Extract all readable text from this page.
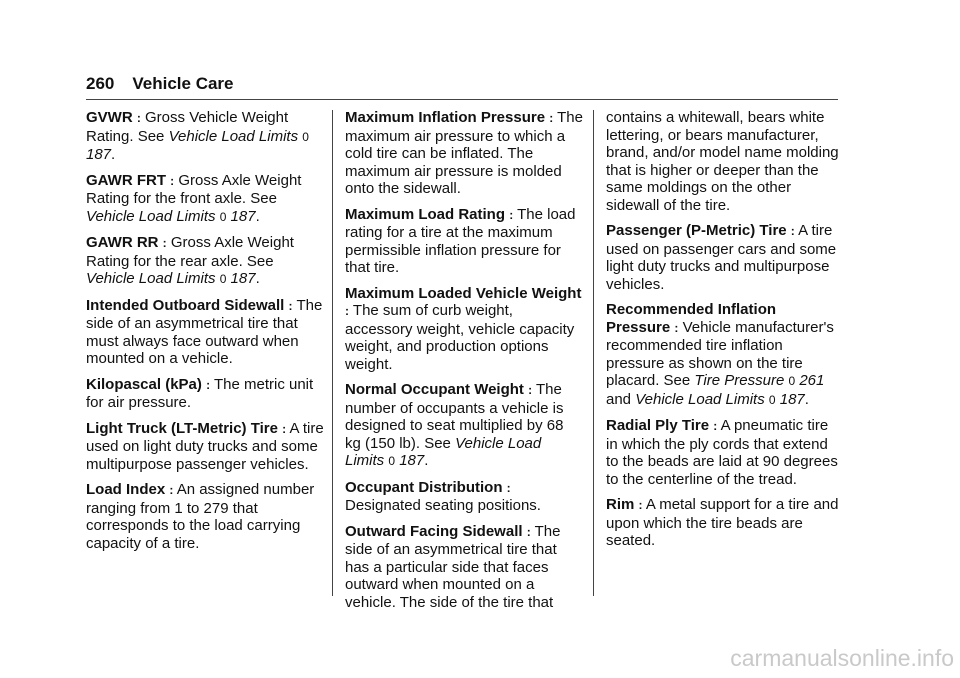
260 Vehicle Care

GVWR : Gross Vehicle Weight Rating. See Vehicle Load Limits 0 187.

GAWR FRT : Gross Axle Weight Rating for the front axle. See Vehicle Load Limits 0 187.

GAWR RR : Gross Axle Weight Rating for the rear axle. See Vehicle Load Limits 0 187.

Intended Outboard Sidewall : The side of an asymmetrical tire that must always face outward when mounted on a vehicle.

Kilopascal (kPa) : The metric unit for air pressure.

Light Truck (LT-Metric) Tire : A tire used on light duty trucks and some multipurpose passenger vehicles.

Load Index : An assigned number ranging from 1 to 279 that corresponds to the load carrying capacity of a tire.

Maximum Inflation Pressure : The maximum air pressure to which a cold tire can be inflated. The maximum air pressure is molded onto the sidewall.

Maximum Load Rating : The load rating for a tire at the maximum permissible inflation pressure for that tire.

Maximum Loaded Vehicle Weight : The sum of curb weight, accessory weight, vehicle capacity weight, and production options weight.

Normal Occupant Weight : The number of occupants a vehicle is designed to seat multiplied by 68 kg (150 lb). See Vehicle Load Limits 0 187.

Occupant Distribution : Designated seating positions.

Outward Facing Sidewall : The side of an asymmetrical tire that has a particular side that faces outward when mounted on a vehicle. The side of the tire that

contains a whitewall, bears white lettering, or bears manufacturer, brand, and/or model name molding that is higher or deeper than the same moldings on the other sidewall of the tire.

Passenger (P-Metric) Tire : A tire used on passenger cars and some light duty trucks and multipurpose vehicles.

Recommended Inflation Pressure : Vehicle manufacturer's recommended tire inflation pressure as shown on the tire placard. See Tire Pressure 0 261 and Vehicle Load Limits 0 187.

Radial Ply Tire : A pneumatic tire in which the ply cords that extend to the beads are laid at 90 degrees to the centerline of the tread.

Rim : A metal support for a tire and upon which the tire beads are seated.

carmanualsonline.info
